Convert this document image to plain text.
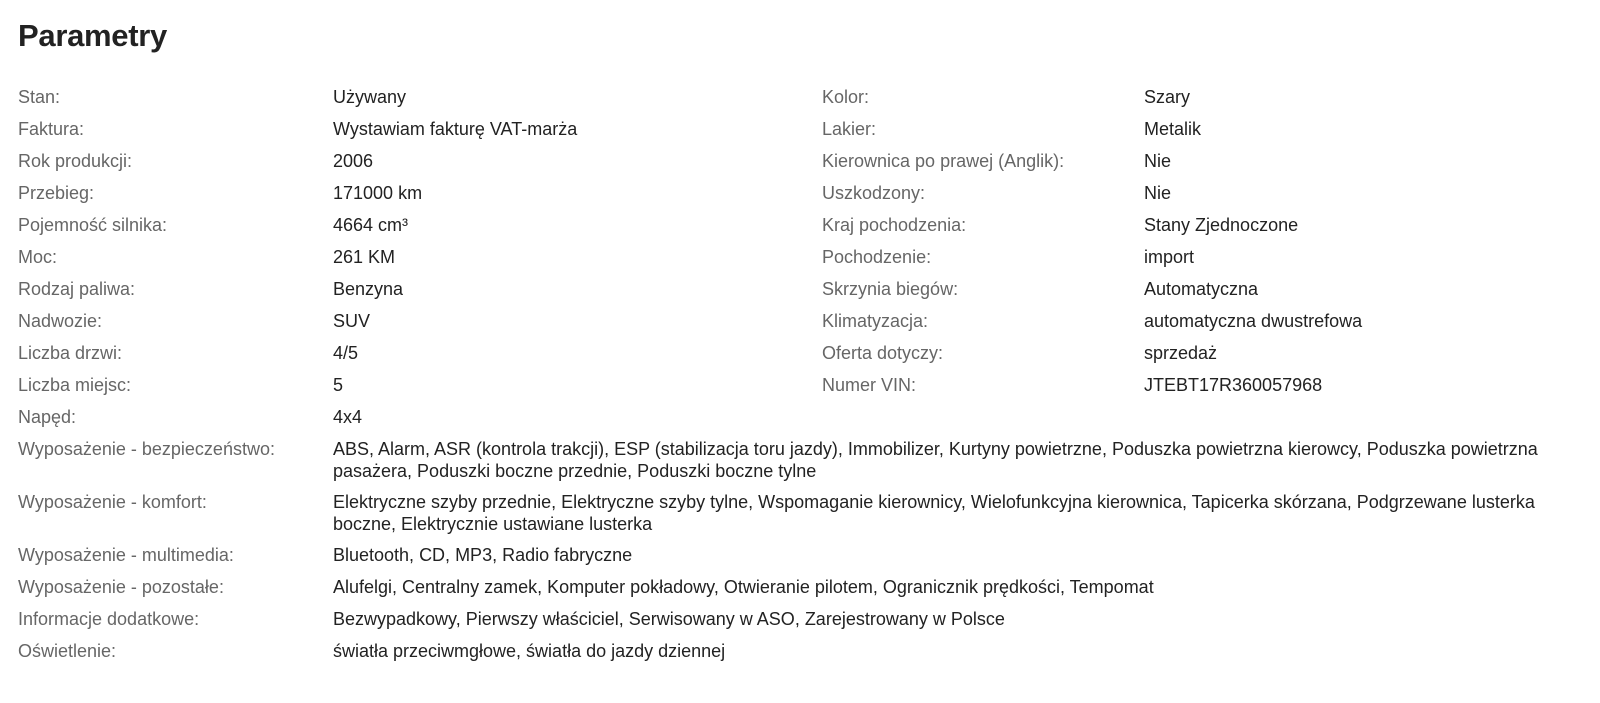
Parametry
Stan:	Używany
Faktura:	Wystawiam fakturę VAT-marża
Rok produkcji:	2006
Przebieg:	171000 km
Pojemność silnika:	4664 cm³
Moc:	261 KM
Rodzaj paliwa:	Benzyna
Nadwozie:	SUV
Liczba drzwi:	4/5
Liczba miejsc:	5
Napęd:	4x4
Kolor:	Szary
Lakier:	Metalik
Kierownica po prawej (Anglik):	Nie
Uszkodzony:	Nie
Kraj pochodzenia:	Stany Zjednoczone
Pochodzenie:	import
Skrzynia biegów:	Automatyczna
Klimatyzacja:	automatyczna dwustrefowa
Oferta dotyczy:	sprzedaż
Numer VIN:	JTEBT17R360057968
Wyposażenie - bezpieczeństwo:	ABS, Alarm, ASR (kontrola trakcji), ESP (stabilizacja toru jazdy), Immobilizer, Kurtyny powietrzne, Poduszka powietrzna kierowcy, Poduszka powietrzna pasażera, Poduszki boczne przednie, Poduszki boczne tylne
Wyposażenie - komfort:	Elektryczne szyby przednie, Elektryczne szyby tylne, Wspomaganie kierownicy, Wielofunkcyjna kierownica, Tapicerka skórzana, Podgrzewane lusterka boczne, Elektrycznie ustawiane lusterka
Wyposażenie - multimedia:	Bluetooth, CD, MP3, Radio fabryczne
Wyposażenie - pozostałe:	Alufelgi, Centralny zamek, Komputer pokładowy, Otwieranie pilotem, Ogranicznik prędkości, Tempomat
Informacje dodatkowe:	Bezwypadkowy, Pierwszy właściciel, Serwisowany w ASO, Zarejestrowany w Polsce
Oświetlenie:	światła przeciwmgłowe, światła do jazdy dziennej
